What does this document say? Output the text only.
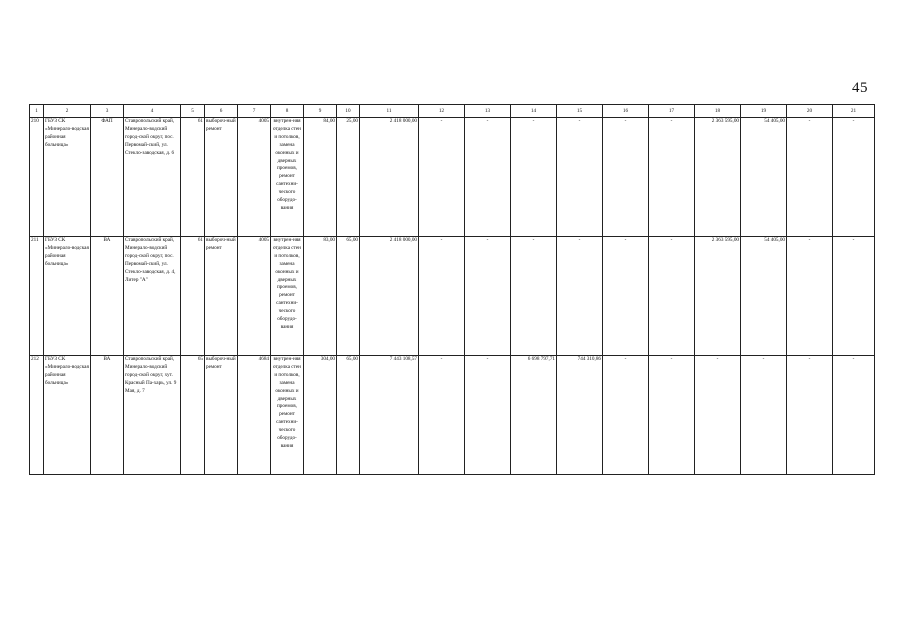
45
1	2	3	4	5	6	7	8	9	10	11	12	13	14	15	16	17	18	19	20	21
210	ГБУЗ СК «Минерало-водская районная больница»	ФАП	Ставропольский край, Минерало-водский город-ской округ, пос. Первомай-ский, ул. Стекло-заводская, д. 6	61	выбороч-ный ремонт	4005	внутрен-няя отделка стен и потолков, замена оконных и дверных проемов, ремонт сантехни-ческого оборудо-вания	84,00	25,00	2 418 000,00	-	-	-	-	-	-	2 363 595,00	54 405,00	-	-
211	ГБУЗ СК «Минерало-водская районная больница»	ВА	Ставропольский край, Минерало-водский город-ской округ, пос. Первомай-ский, ул. Стекло-заводская, д. 4, Литер "А"	61	выбороч-ный ремонт	4005	внутрен-няя отделка стен и потолков, замена оконных и дверных проемов, ремонт сантехни-ческого оборудо-вания	83,00	65,00	2 418 000,00	-	-	-	-	-	-	2 363 595,00	54 405,00	-	-
212	ГБУЗ СК «Минерало-водская районная больница»	ВА	Ставропольский край, Минерало-водский город-ской округ, хут. Красный Па-харь, ул. 9 Мая, д. 7	65	выбороч-ный ремонт	4684	внутрен-няя отделка стен и потолков, замена оконных и дверных проемов, ремонт сантехни-ческого оборудо-вания	304,00	65,00	7 443 108,57	-	-	6 698 797,71	744 310,86	-	-	-	-	-	-
